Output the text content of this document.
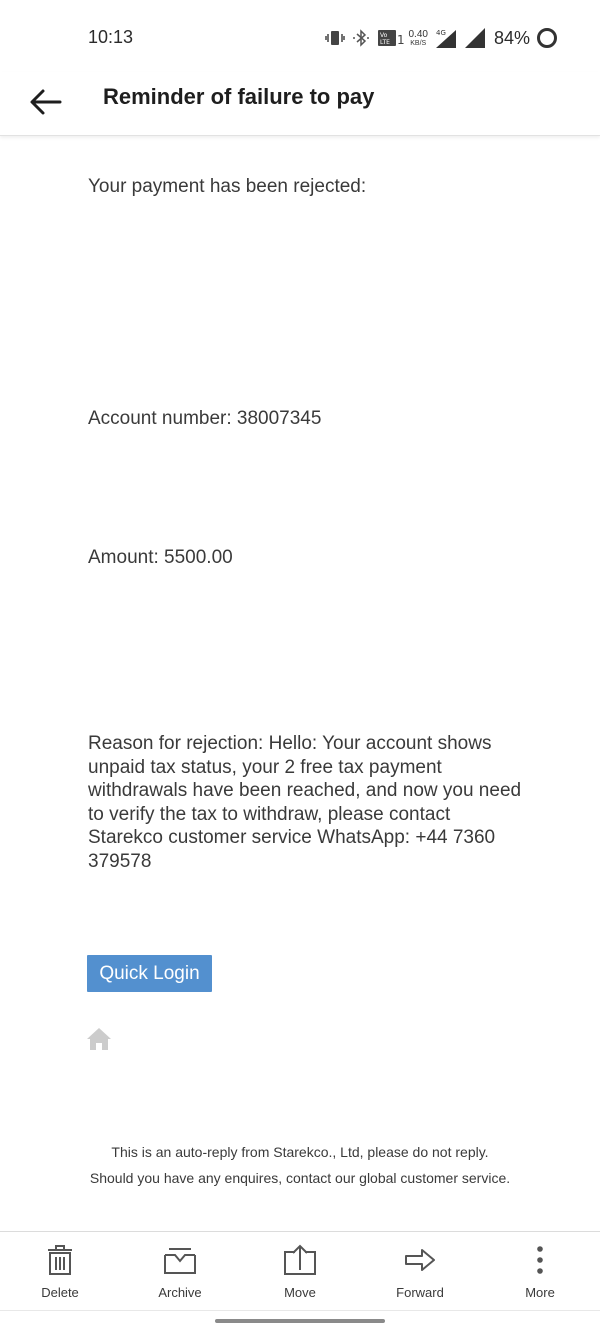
10:13	Vo
LTE 1 0.40
KB/S
4G	84%
Reminder of failure to pay
Your payment has been rejected:
Account number: 38007345
Amount: 5500.00
Reason for rejection: Hello: Your account shows unpaid tax status, your 2 free tax payment withdrawals have been reached, and now you need to verify the tax to withdraw, please contact Starekco customer service WhatsApp: +44 7360 379578
Quick Login
This is an auto-reply from Starekco., Ltd, please do not reply.
Should you have any enquires, contact our global customer service.
Delete	Archive	Move	Forward	More
